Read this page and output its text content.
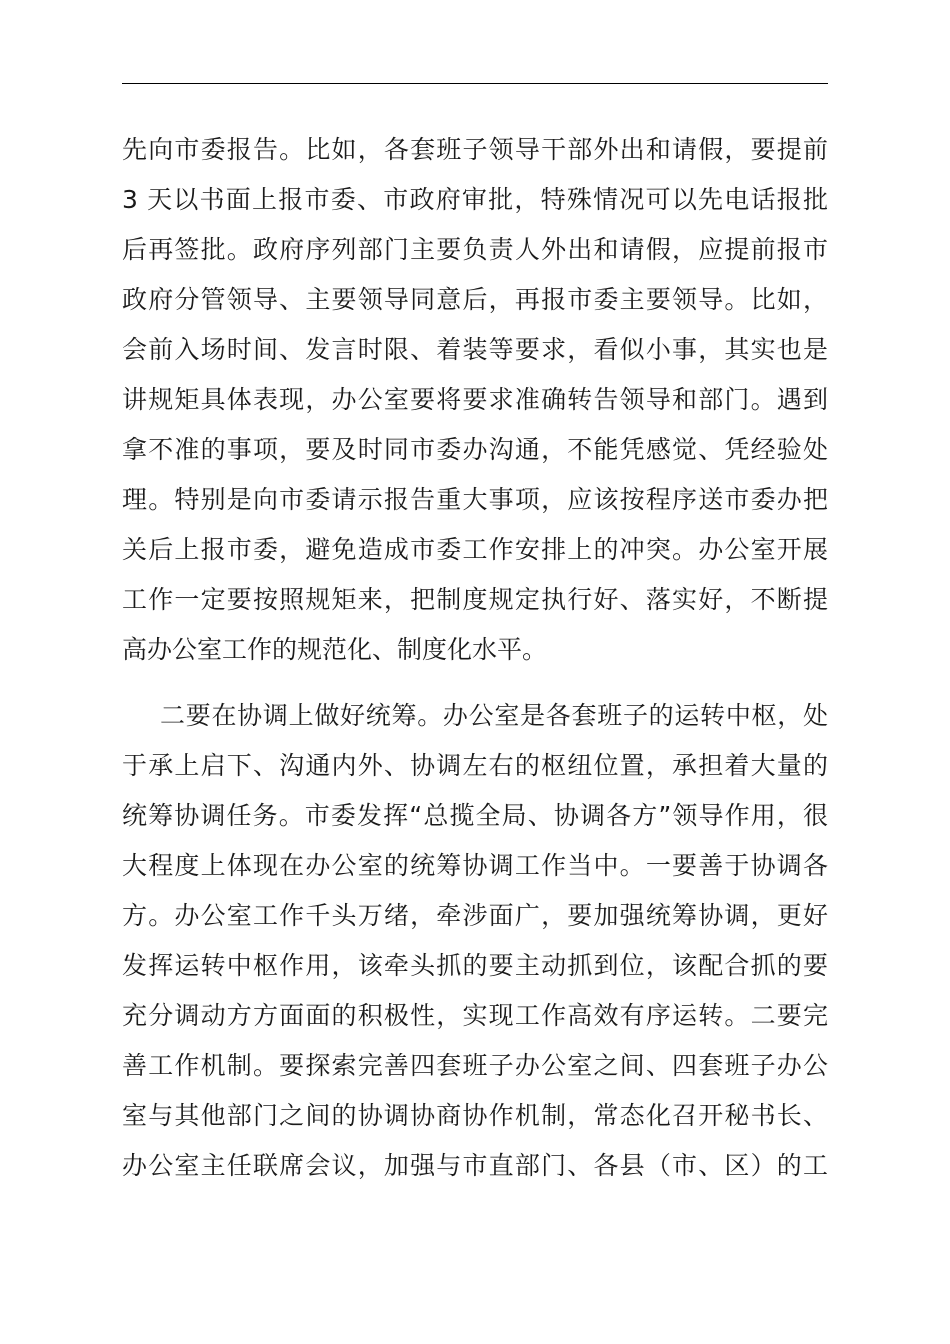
先向市委报告。比如，各套班子领导干部外出和请假，要提前
3 天以书面上报市委、市政府审批，特殊情况可以先电话报批
后再签批。政府序列部门主要负责人外出和请假，应提前报市
政府分管领导、主要领导同意后，再报市委主要领导。比如，
会前入场时间、发言时限、着装等要求，看似小事，其实也是
讲规矩具体表现，办公室要将要求准确转告领导和部门。遇到
拿不准的事项，要及时同市委办沟通，不能凭感觉、凭经验处
理。特别是向市委请示报告重大事项，应该按程序送市委办把
关后上报市委，避免造成市委工作安排上的冲突。办公室开展
工作一定要按照规矩来，把制度规定执行好、落实好，不断提
高办公室工作的规范化、制度化水平。
二要在协调上做好统筹。办公室是各套班子的运转中枢，处
于承上启下、沟通内外、协调左右的枢纽位置，承担着大量的
统筹协调任务。市委发挥“总揽全局、协调各方”领导作用，很
大程度上体现在办公室的统筹协调工作当中。一要善于协调各
方。办公室工作千头万绪，牵涉面广，要加强统筹协调，更好
发挥运转中枢作用，该牵头抓的要主动抓到位，该配合抓的要
充分调动方方面面的积极性，实现工作高效有序运转。二要完
善工作机制。要探索完善四套班子办公室之间、四套班子办公
室与其他部门之间的协调协商协作机制，常态化召开秘书长、
办公室主任联席会议，加强与市直部门、各县（市、区）的工
